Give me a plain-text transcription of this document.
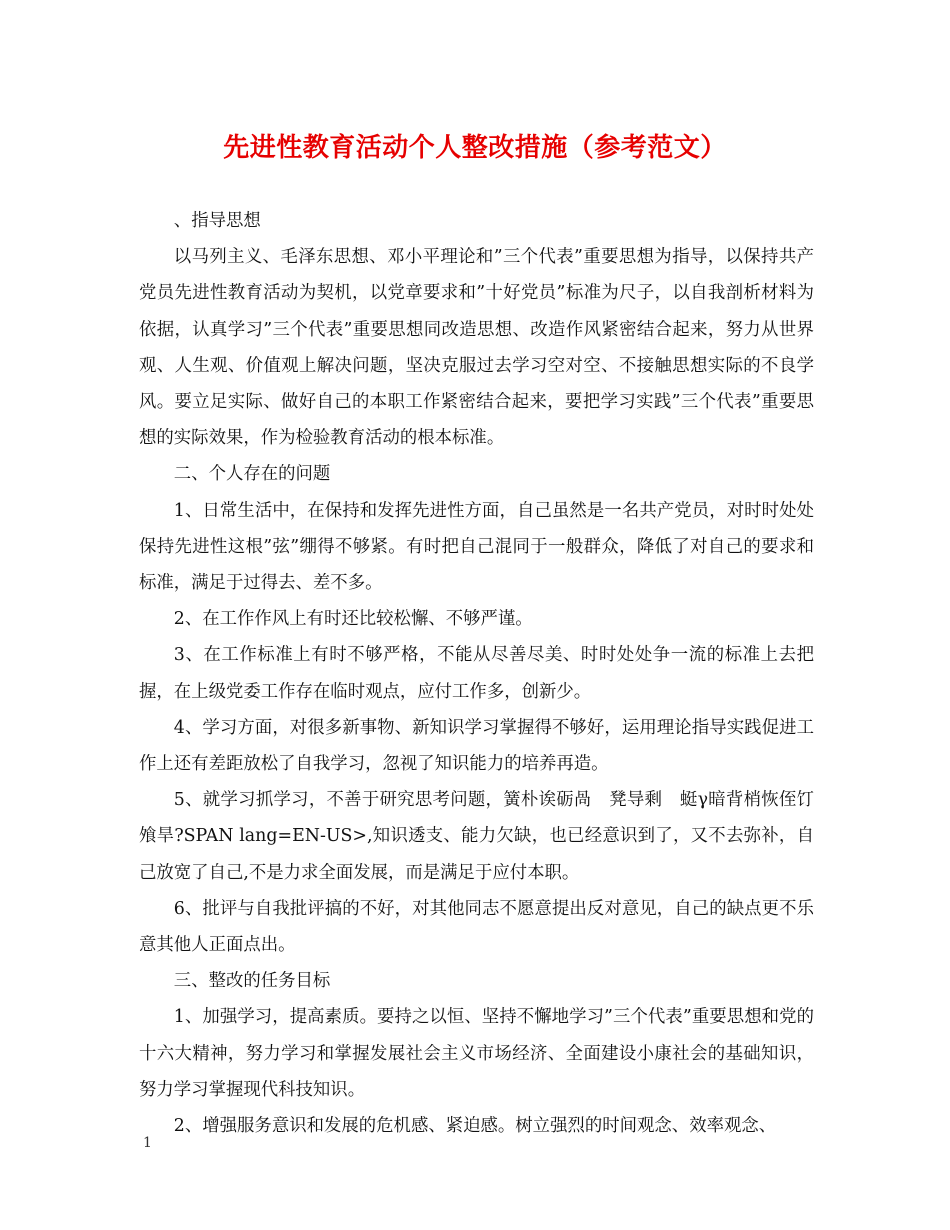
先进性教育活动个人整改措施（参考范文）

、指导思想

以马列主义、毛泽东思想、邓小平理论和”三个代表”重要思想为指导，以保持共产党员先进性教育活动为契机，以党章要求和”十好党员”标准为尺子，以自我剖析材料为依据，认真学习”三个代表”重要思想同改造思想、改造作风紧密结合起来，努力从世界观、人生观、价值观上解决问题，坚决克服过去学习空对空、不接触思想实际的不良学风。要立足实际、做好自己的本职工作紧密结合起来，要把学习实践”三个代表”重要思想的实际效果，作为检验教育活动的根本标准。

二、个人存在的问题

1、日常生活中，在保持和发挥先进性方面，自己虽然是一名共产党员，对时时处处保持先进性这根”弦”绷得不够紧。有时把自己混同于一般群众，降低了对自己的要求和标准，满足于过得去、差不多。

2、在工作作风上有时还比较松懈、不够严谨。

3、在工作标准上有时不够严格，不能从尽善尽美、时时处处争一流的标准上去把握，在上级党委工作存在临时观点，应付工作多，创新少。

4、学习方面，对很多新事物、新知识学习掌握得不够好，运用理论指导实践促进工作上还有差距放松了自我学习，忽视了知识能力的培养再造。

5、就学习抓学习，不善于研究思考问题，簧朴诶砺咼　凳导剩　蜓γ暗背梢恢侄饤飧旱?SPAN lang=EN-US>,知识透支、能力欠缺，也已经意识到了，又不去弥补，自己放宽了自己,不是力求全面发展，而是满足于应付本职。

6、批评与自我批评搞的不好，对其他同志不愿意提出反对意见，自己的缺点更不乐意其他人正面点出。

三、整改的任务目标

1、加强学习，提高素质。要持之以恒、坚持不懈地学习”三个代表”重要思想和党的十六大精神，努力学习和掌握发展社会主义市场经济、全面建设小康社会的基础知识，努力学习掌握现代科技知识。

2、增强服务意识和发展的危机感、紧迫感。树立强烈的时间观念、效率观念、

1
